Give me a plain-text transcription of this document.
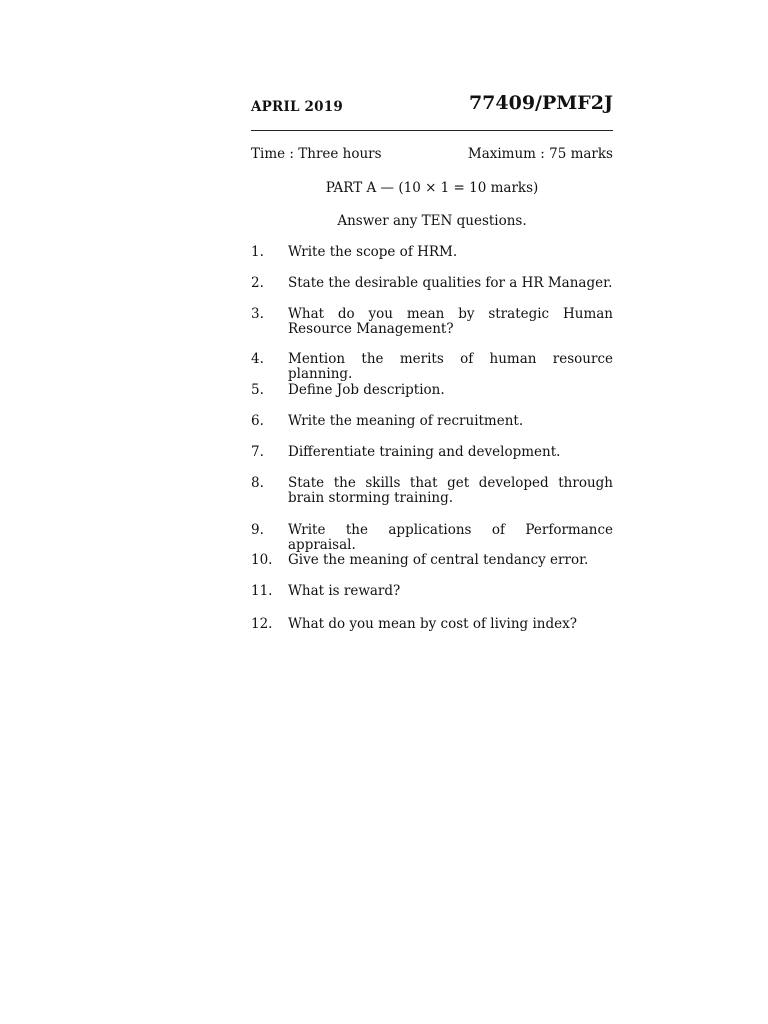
APRIL 2019	77409/PMF2J
Time : Three hours	Maximum : 75 marks
PART A — (10 × 1 = 10 marks)
Answer any TEN questions.
1. Write the scope of HRM.
2. State the desirable qualities for a HR Manager.
3. What do you mean by strategic Human Resource Management?
4. Mention the merits of human resource planning.
5. Define Job description.
6. Write the meaning of recruitment.
7. Differentiate training and development.
8. State the skills that get developed through brain storming training.
9. Write the applications of Performance appraisal.
10. Give the meaning of central tendancy error.
11. What is reward?
12. What do you mean by cost of living index?
